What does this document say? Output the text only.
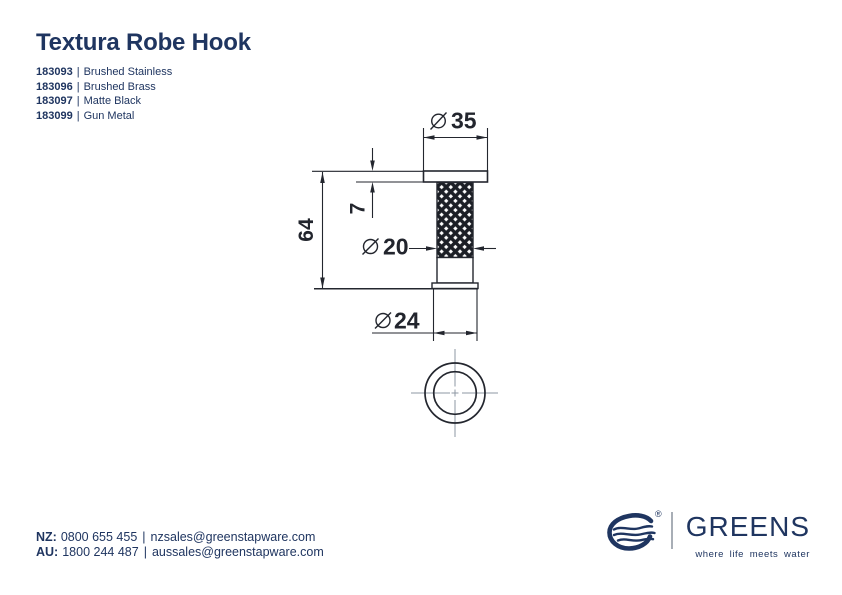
Textura Robe Hook
183093 | Brushed Stainless
183096 | Brushed Brass
183097 | Matte Black
183099 | Gun Metal	35
7
64
20
24
NZ: 0800 655 455 | nzsales@greenstapware.com
AU: 1800 244 487 | aussales@greenstapware.com
® GREENS
where life meets water
